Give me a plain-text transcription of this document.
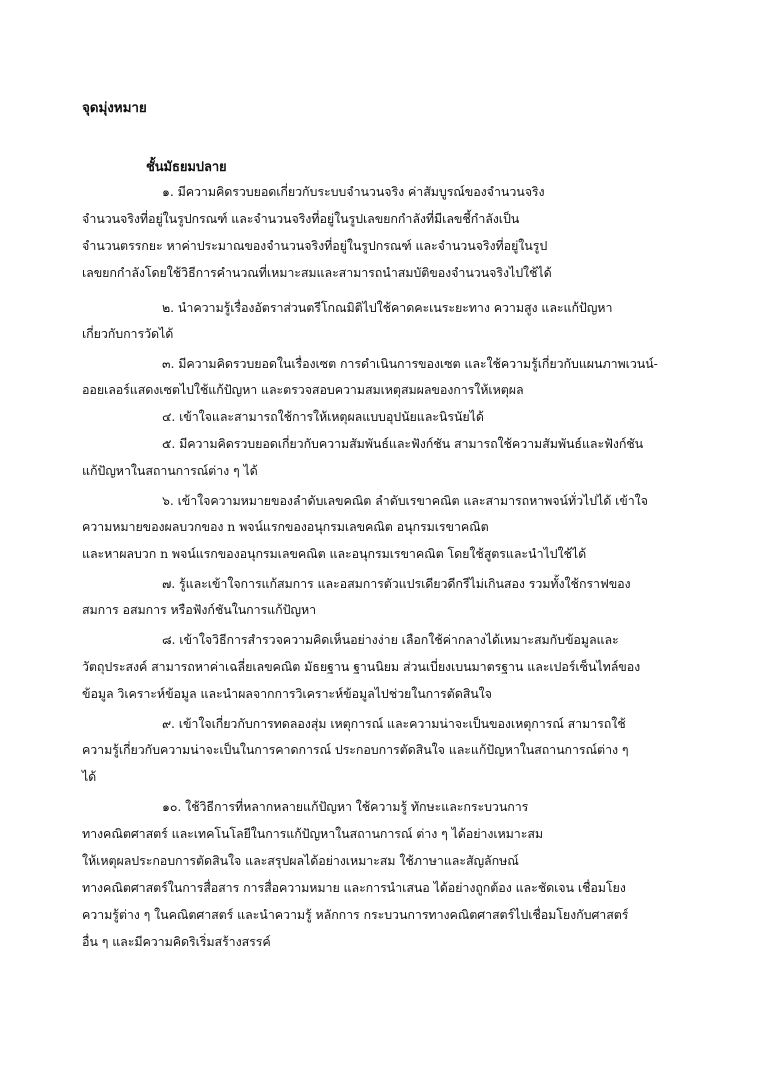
จุดมุ่งหมาย
ชั้นมัธยมปลาย
๑. มีความคิดรวบยอดเกี่ยวกับระบบจำนวนจริง ค่าสัมบูรณ์ของจำนวนจริง
จำนวนจริงที่อยู่ในรูปกรณฑ์ และจำนวนจริงที่อยู่ในรูปเลขยกกำลังที่มีเลขชี้กำลังเป็น
จำนวนตรรกยะ หาค่าประมาณของจำนวนจริงที่อยู่ในรูปกรณฑ์ และจำนวนจริงที่อยู่ในรูป
เลขยกกำลังโดยใช้วิธีการคำนวณที่เหมาะสมและสามารถนำสมบัติของจำนวนจริงไปใช้ได้
๒. นำความรู้เรื่องอัตราส่วนตรีโกณมิติไปใช้คาดคะเนระยะทาง ความสูง และแก้ปัญหา
เกี่ยวกับการวัดได้
๓. มีความคิดรวบยอดในเรื่องเซต การดำเนินการของเซต และใช้ความรู้เกี่ยวกับแผนภาพเวนน์-
ออยเลอร์แสดงเซตไปใช้แก้ปัญหา และตรวจสอบความสมเหตุสมผลของการให้เหตุผล
๔. เข้าใจและสามารถใช้การให้เหตุผลแบบอุปนัยและนิรนัยได้
๕. มีความคิดรวบยอดเกี่ยวกับความสัมพันธ์และฟังก์ชัน สามารถใช้ความสัมพันธ์และฟังก์ชัน
แก้ปัญหาในสถานการณ์ต่าง ๆ ได้
๖. เข้าใจความหมายของลำดับเลขคณิต ลำดับเรขาคณิต และสามารถหาพจน์ทั่วไปได้ เข้าใจ
ความหมายของผลบวกของ n พจน์แรกของอนุกรมเลขคณิต อนุกรมเรขาคณิต
และหาผลบวก n พจน์แรกของอนุกรมเลขคณิต และอนุกรมเรขาคณิต โดยใช้สูตรและนำไปใช้ได้
๗. รู้และเข้าใจการแก้สมการ และอสมการตัวแปรเดียวดีกรีไม่เกินสอง รวมทั้งใช้กราฟของ
สมการ อสมการ หรือฟังก์ชันในการแก้ปัญหา
๘. เข้าใจวิธีการสำรวจความคิดเห็นอย่างง่าย เลือกใช้ค่ากลางได้เหมาะสมกับข้อมูลและ
วัตถุประสงค์ สามารถหาค่าเฉลี่ยเลขคณิต มัธยฐาน ฐานนิยม ส่วนเบี่ยงเบนมาตรฐาน และเปอร์เซ็นไทล์ของ
ข้อมูล วิเคราะห์ข้อมูล และนำผลจากการวิเคราะห์ข้อมูลไปช่วยในการตัดสินใจ
๙. เข้าใจเกี่ยวกับการทดลองสุ่ม เหตุการณ์ และความน่าจะเป็นของเหตุการณ์ สามารถใช้
ความรู้เกี่ยวกับความน่าจะเป็นในการคาดการณ์ ประกอบการตัดสินใจ และแก้ปัญหาในสถานการณ์ต่าง ๆ
ได้
๑๐. ใช้วิธีการที่หลากหลายแก้ปัญหา ใช้ความรู้ ทักษะและกระบวนการ
ทางคณิตศาสตร์ และเทคโนโลยีในการแก้ปัญหาในสถานการณ์ ต่าง ๆ ได้อย่างเหมาะสม
ให้เหตุผลประกอบการตัดสินใจ และสรุปผลได้อย่างเหมาะสม ใช้ภาษาและสัญลักษณ์
ทางคณิตศาสตร์ในการสื่อสาร การสื่อความหมาย และการนำเสนอ ได้อย่างถูกต้อง และชัดเจน เชื่อมโยง
ความรู้ต่าง ๆ ในคณิตศาสตร์ และนำความรู้ หลักการ กระบวนการทางคณิตศาสตร์ไปเชื่อมโยงกับศาสตร์
อื่น ๆ และมีความคิดริเริ่มสร้างสรรค์
